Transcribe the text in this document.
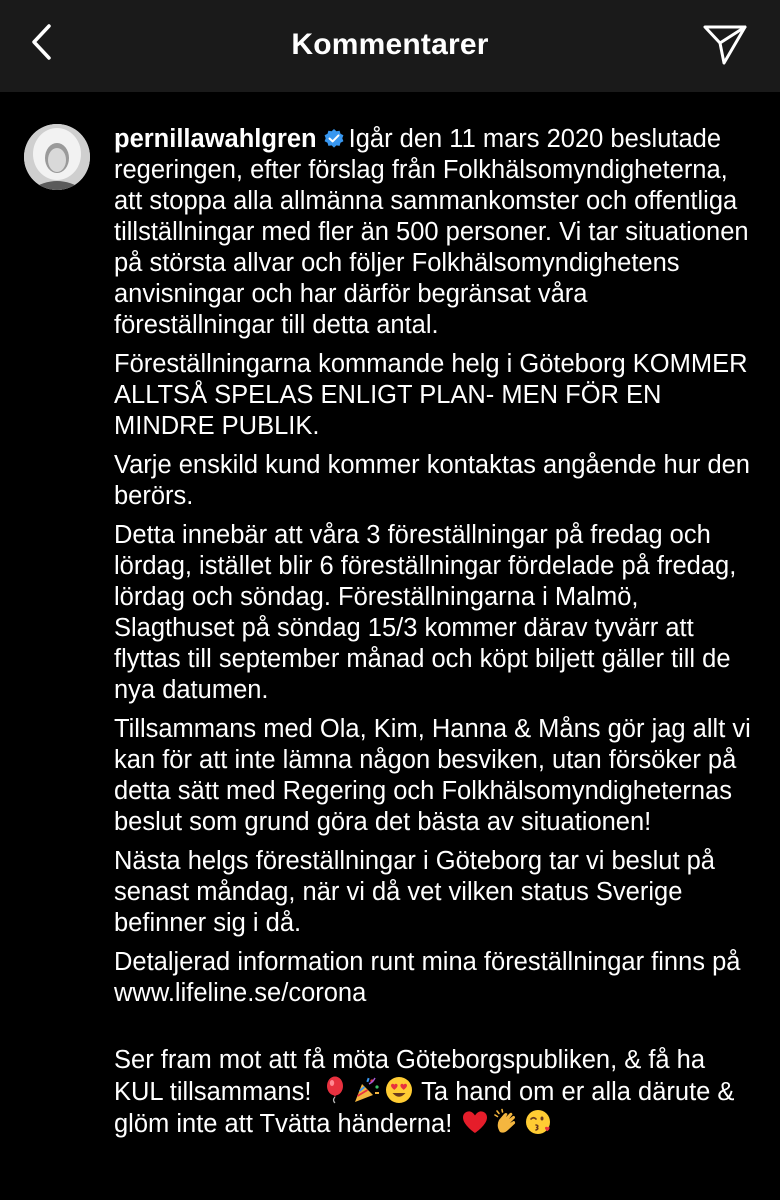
Kommentarer

pernillawahlgren Igår den 11 mars 2020 beslutade regeringen, efter förslag från Folkhälsomyndigheterna, att stoppa alla allmänna sammankomster och offentliga tillställningar med fler än 500 personer. Vi tar situationen på största allvar och följer Folkhälsomyndighetens anvisningar och har därför begränsat våra föreställningar till detta antal.

Föreställningarna kommande helg i Göteborg KOMMER ALLTSÅ SPELAS ENLIGT PLAN- MEN FÖR EN MINDRE PUBLIK.

Varje enskild kund kommer kontaktas angående hur den berörs.

Detta innebär att våra 3 föreställningar på fredag och lördag, istället blir 6 föreställningar fördelade på fredag, lördag och söndag. Föreställningarna i Malmö, Slagthuset på söndag 15/3 kommer därav tyvärr att flyttas till september månad och köpt biljett gäller till de nya datumen.

Tillsammans med Ola, Kim, Hanna & Måns gör jag allt vi kan för att inte lämna någon besviken, utan försöker på detta sätt med Regering och Folkhälsomyndigheternas beslut som grund göra det bästa av situationen!

Nästa helgs föreställningar i Göteborg tar vi beslut på senast måndag, när vi då vet vilken status Sverige befinner sig i då.

Detaljerad information runt mina föreställningar finns på www.lifeline.se/corona

Ser fram mot att få möta Göteborgspubliken, & få ha KUL tillsammans!	Ta hand om er alla därute & glöm inte att Tvätta händerna!
